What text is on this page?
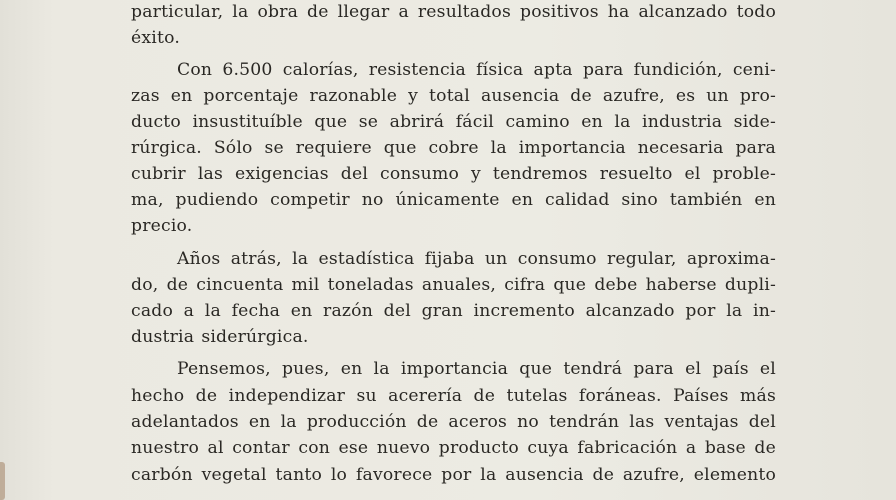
particular, la obra de llegar a resultados positivos ha alcanzado todo
éxito.
Con 6.500 calorías, resistencia física apta para fundición, ceni-
zas en porcentaje razonable y total ausencia de azufre, es un pro-
ducto insustituíble que se abrirá fácil camino en la industria side-
rúrgica. Sólo se requiere que cobre la importancia necesaria para
cubrir las exigencias del consumo y tendremos resuelto el proble-
ma, pudiendo competir no únicamente en calidad sino también en
precio.
Años atrás, la estadística fijaba un consumo regular, aproxima-
do, de cincuenta mil toneladas anuales, cifra que debe haberse dupli-
cado a la fecha en razón del gran incremento alcanzado por la in-
dustria siderúrgica.
Pensemos, pues, en la importancia que tendrá para el país el
hecho de independizar su acerería de tutelas foráneas. Países más
adelantados en la producción de aceros no tendrán las ventajas del
nuestro al contar con ese nuevo producto cuya fabricación a base de
carbón vegetal tanto lo favorece por la ausencia de azufre, elemento
